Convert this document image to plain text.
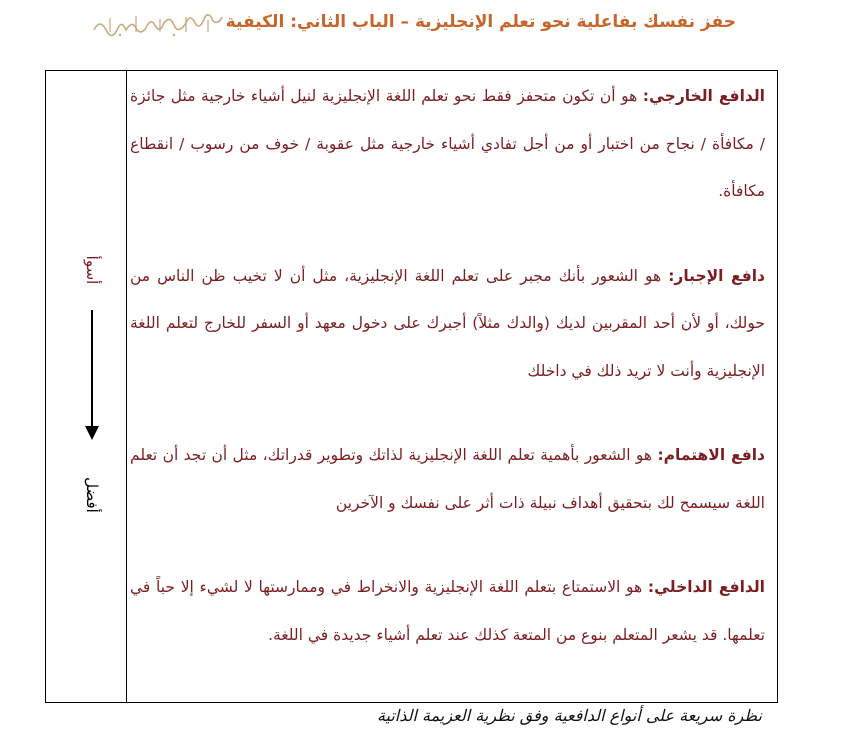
حفز نفسك بفاعلية نحو تعلم الإنجليزية – الباب الثاني: الكيفية
أسوأ
أفضل

الدافع الخارجي: هو أن تكون متحفز فقط نحو تعلم اللغة الإنجليزية لنيل أشياء خارجية مثل جائزة / مكافأة / نجاح من اختبار أو من أجل تفادي أشياء خارجية مثل عقوبة / خوف من رسوب / انقطاع مكافأة.

دافع الإجبار: هو الشعور بأنك مجبر على تعلم اللغة الإنجليزية، مثل أن لا تخيب ظن الناس من حولك، أو لأن أحد المقربين لديك (والدك مثلاً) أجبرك على دخول معهد أو السفر للخارج لتعلم اللغة الإنجليزية وأنت لا تريد ذلك في داخلك

دافع الاهتمام: هو الشعور بأهمية تعلم اللغة الإنجليزية لذاتك وتطوير قدراتك، مثل أن تجد أن تعلم اللغة سيسمح لك بتحقيق أهداف نبيلة ذات أثر على نفسك و الآخرين

الدافع الداخلي: هو الاستمتاع بتعلم اللغة الإنجليزية والانخراط في وممارستها لا لشيء إلا حباً في تعلمها. قد يشعر المتعلم بنوع من المتعة كذلك عند تعلم أشياء جديدة في اللغة.

نظرة سريعة على أنواع الدافعية وفق نظرية العزيمة الذاتية
